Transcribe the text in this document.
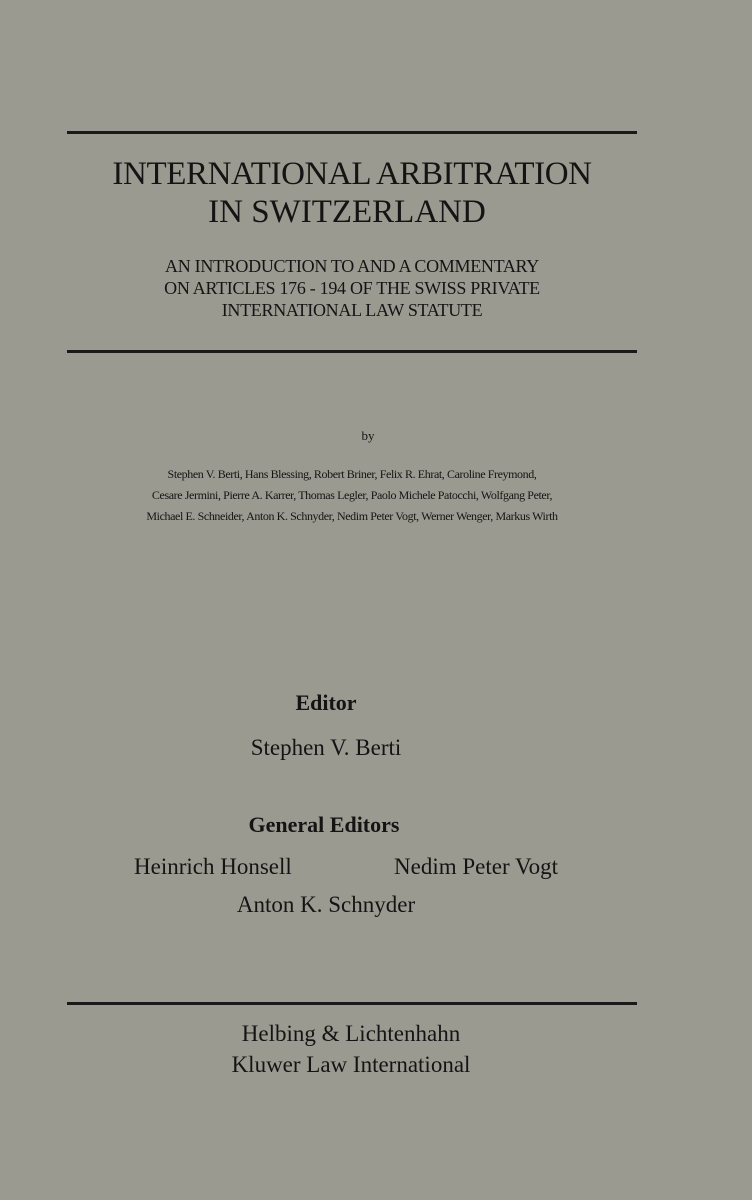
INTERNATIONAL ARBITRATION
IN SWITZERLAND
AN INTRODUCTION TO AND A COMMENTARY
ON ARTICLES 176 - 194 OF THE SWISS PRIVATE
INTERNATIONAL LAW STATUTE
by
Stephen V. Berti, Hans Blessing, Robert Briner, Felix R. Ehrat, Caroline Freymond,
Cesare Jermini, Pierre A. Karrer, Thomas Legler, Paolo Michele Patocchi, Wolfgang Peter,
Michael E. Schneider, Anton K. Schnyder, Nedim Peter Vogt, Werner Wenger, Markus Wirth
Editor
Stephen V. Berti
General Editors
Heinrich Honsell	Nedim Peter Vogt
Anton K. Schnyder
Helbing & Lichtenhahn
Kluwer Law International
